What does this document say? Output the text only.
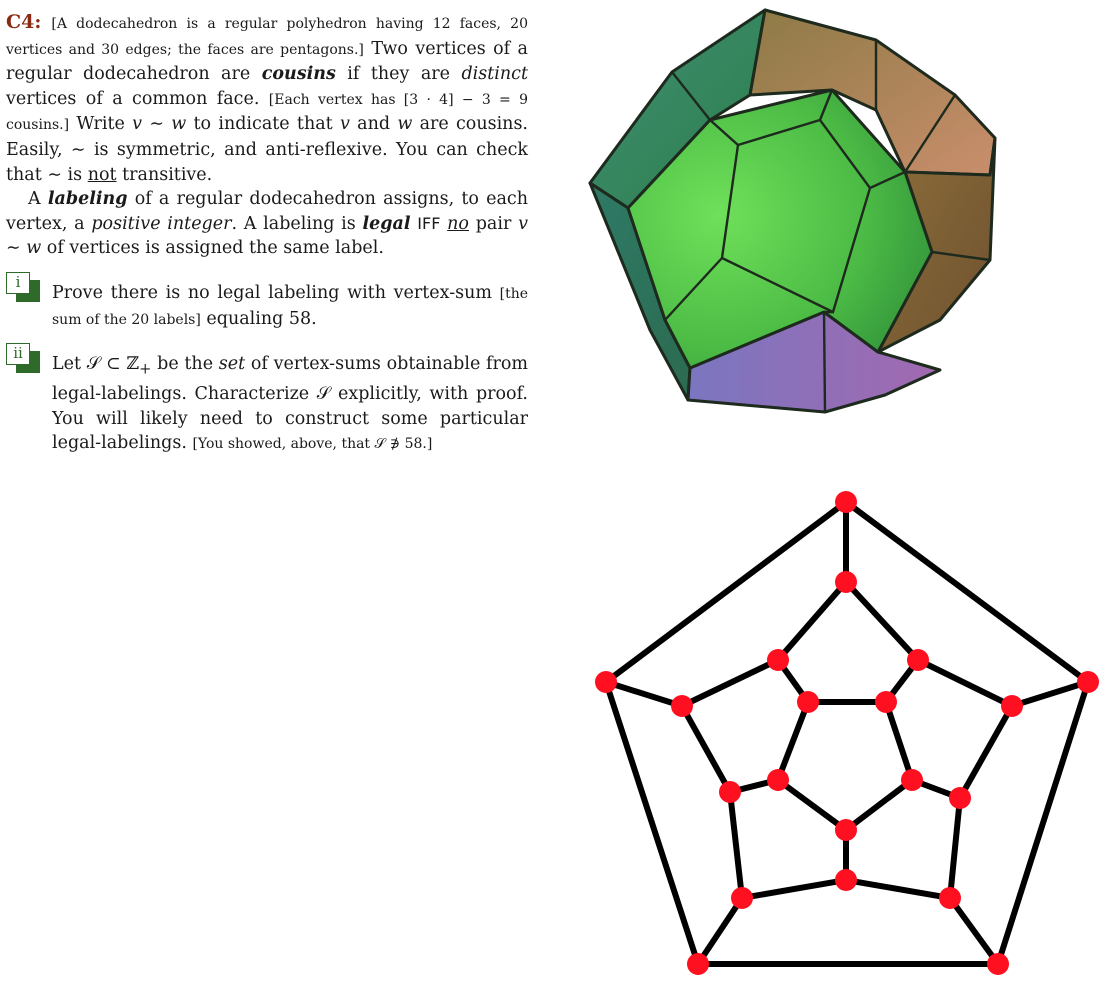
C4: [A dodecahedron is a regular polyhedron having 12 faces, 20 vertices and 30 edges; the faces are pentagons.] Two vertices of a regular dodecahedron are cousins if they are distinct vertices of a common face. [Each vertex has [3 · 4] − 3 = 9 cousins.] Write v ∼ w to indicate that v and w are cousins. Easily, ∼ is symmetric, and anti-reflexive. You can check that ∼ is not transitive.

A labeling of a regular dodecahedron assigns, to each vertex, a positive integer. A labeling is legal IFF no pair v ∼ w of vertices is assigned the same label.

i
Prove there is no legal labeling with vertex-sum [the sum of the 20 labels] equaling 58.
ii
Let 𝒮 ⊂ ℤ$_+$ be the set of vertex-sums obtainable from legal-labelings. Characterize 𝒮 explicitly, with proof. You will likely need to construct some particular legal-labelings. [You showed, above, that 𝒮 ∌ 58.]
